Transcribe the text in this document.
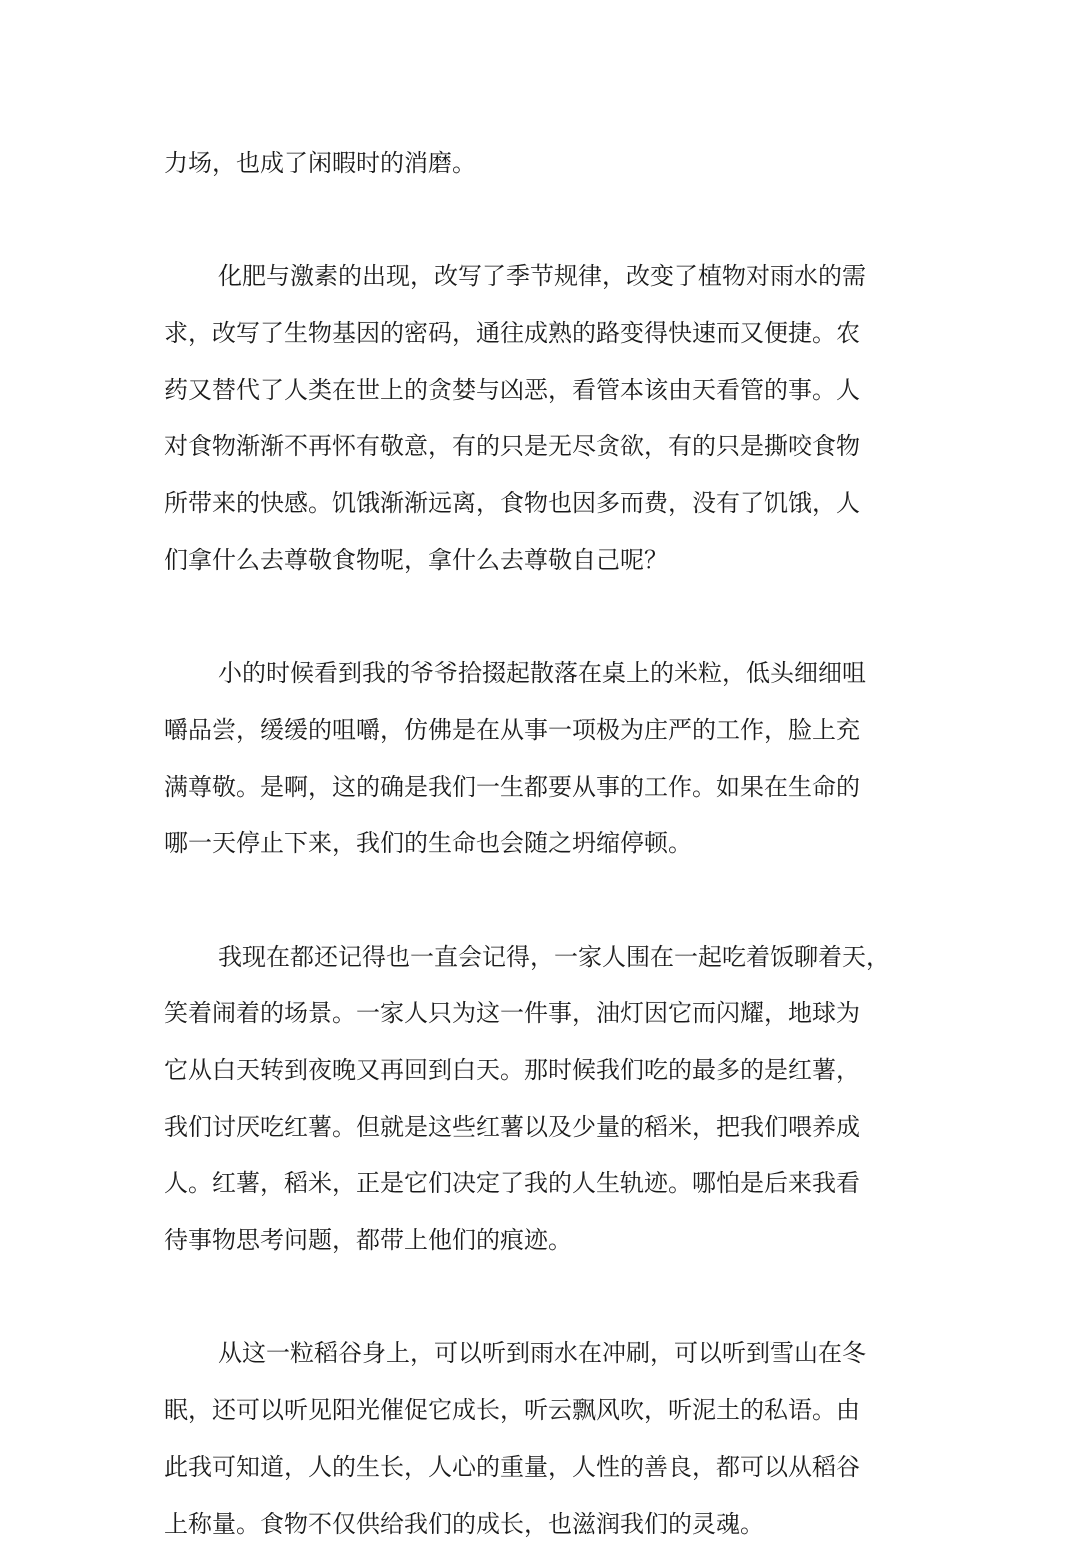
力场，也成了闲暇时的消磨。
化肥与激素的出现，改写了季节规律，改变了植物对雨水的需
求，改写了生物基因的密码，通往成熟的路变得快速而又便捷。农
药又替代了人类在世上的贪婪与凶恶，看管本该由天看管的事。人
对食物渐渐不再怀有敬意，有的只是无尽贪欲，有的只是撕咬食物
所带来的快感。饥饿渐渐远离，食物也因多而费，没有了饥饿，人
们拿什么去尊敬食物呢，拿什么去尊敬自己呢？
小的时候看到我的爷爷拾掇起散落在桌上的米粒，低头细细咀
嚼品尝，缓缓的咀嚼，仿佛是在从事一项极为庄严的工作，脸上充
满尊敬。是啊，这的确是我们一生都要从事的工作。如果在生命的
哪一天停止下来，我们的生命也会随之坍缩停顿。
我现在都还记得也一直会记得，一家人围在一起吃着饭聊着天，
笑着闹着的场景。一家人只为这一件事，油灯因它而闪耀，地球为
它从白天转到夜晚又再回到白天。那时候我们吃的最多的是红薯，
我们讨厌吃红薯。但就是这些红薯以及少量的稻米，把我们喂养成
人。红薯，稻米，正是它们决定了我的人生轨迹。哪怕是后来我看
待事物思考问题，都带上他们的痕迹。
从这一粒稻谷身上，可以听到雨水在冲刷，可以听到雪山在冬
眠，还可以听见阳光催促它成长，听云飘风吹，听泥土的私语。由
此我可知道，人的生长，人心的重量，人性的善良，都可以从稻谷
上称量。食物不仅供给我们的成长，也滋润我们的灵魂。
